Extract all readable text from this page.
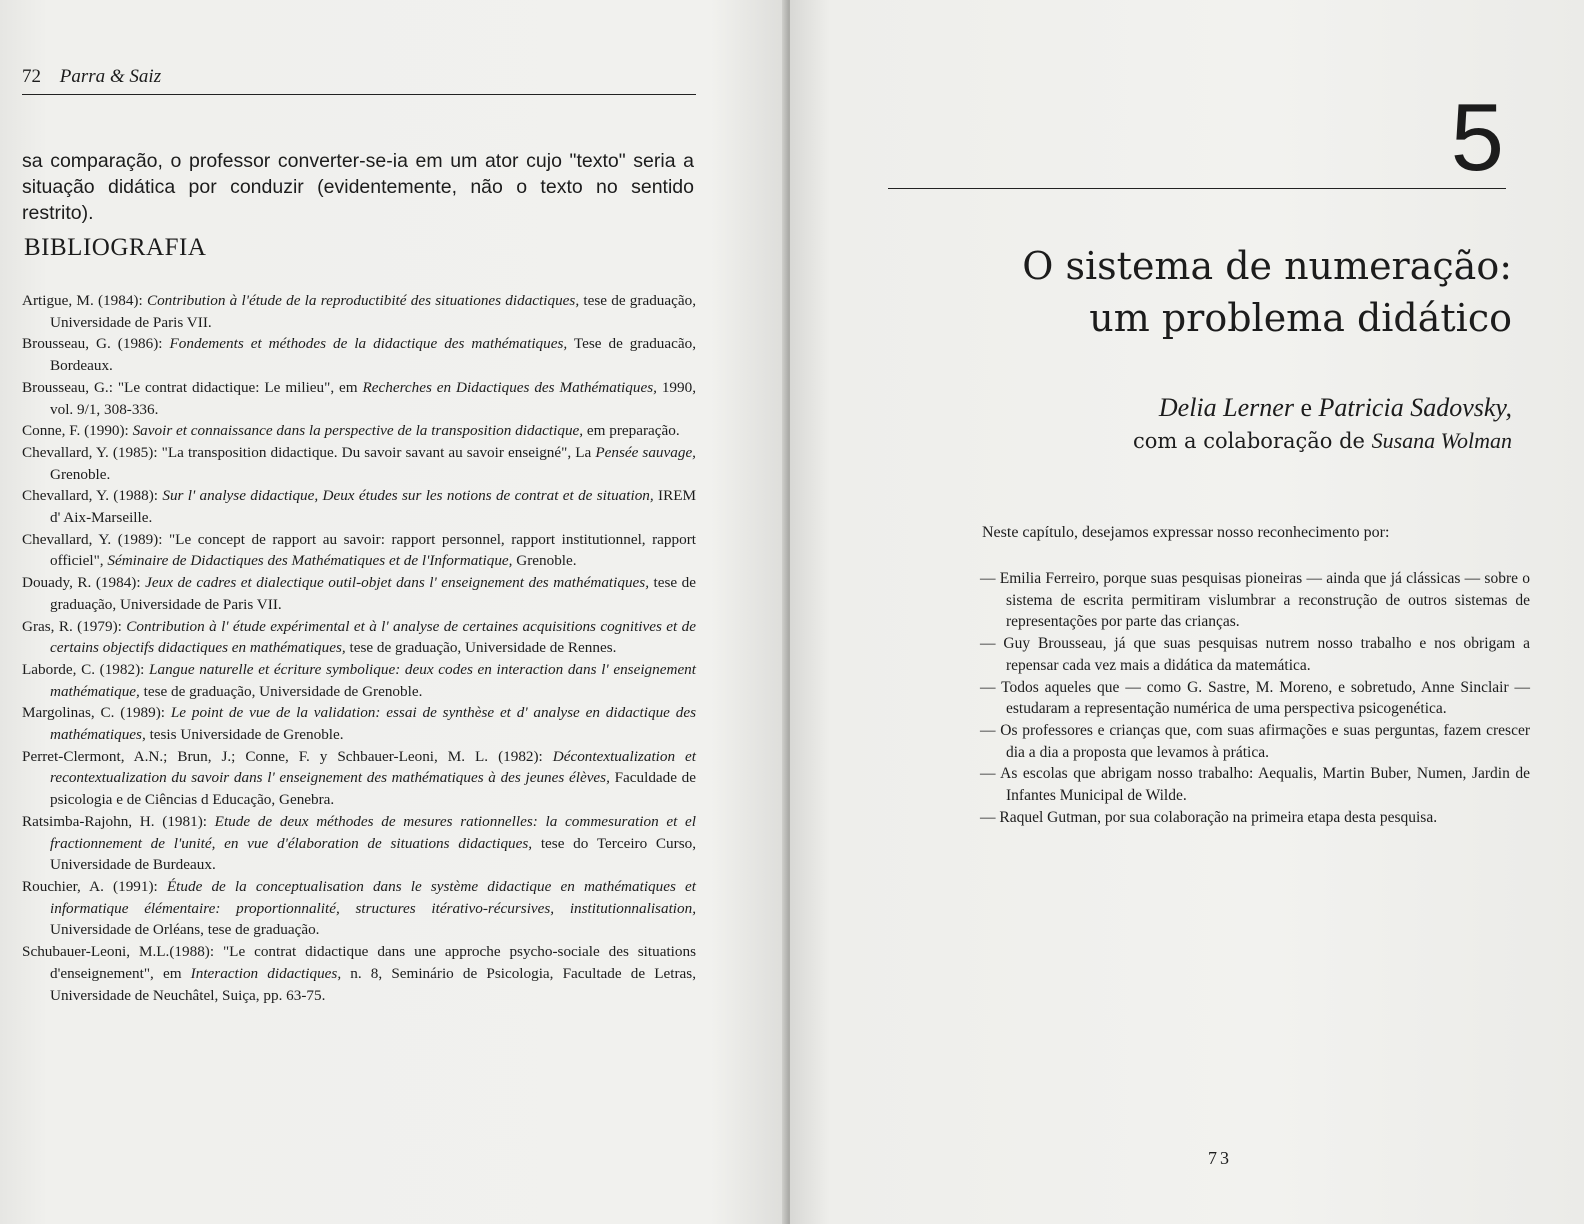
72 Parra & Saiz

sa comparação, o professor converter-se-ia em um ator cujo "texto" seria a situação didática por conduzir (evidentemente, não o texto no sentido restrito).

BIBLIOGRAFIA

Artigue, M. (1984): Contribution à l'étude de la reproductibité des situationes didactiques, tese de graduação, Universidade de Paris VII.

Brousseau, G. (1986): Fondements et méthodes de la didactique des mathématiques, Tese de graduacão, Bordeaux.

Brousseau, G.: "Le contrat didactique: Le milieu", em Recherches en Didactiques des Mathématiques, 1990, vol. 9/1, 308-336.

Conne, F. (1990): Savoir et connaissance dans la perspective de la transposition didactique, em preparação.

Chevallard, Y. (1985): "La transposition didactique. Du savoir savant au savoir enseigné", La Pensée sauvage, Grenoble.

Chevallard, Y. (1988): Sur l' analyse didactique, Deux études sur les notions de contrat et de situation, IREM d' Aix-Marseille.

Chevallard, Y. (1989): "Le concept de rapport au savoir: rapport personnel, rapport institutionnel, rapport officiel", Séminaire de Didactiques des Mathématiques et de l'Informatique, Grenoble.

Douady, R. (1984): Jeux de cadres et dialectique outil-objet dans l' enseignement des mathématiques, tese de graduação, Universidade de Paris VII.

Gras, R. (1979): Contribution à l' étude expérimental et à l' analyse de certaines acquisitions cognitives et de certains objectifs didactiques en mathématiques, tese de graduação, Universidade de Rennes.

Laborde, C. (1982): Langue naturelle et écriture symbolique: deux codes en interaction dans l' enseignement mathématique, tese de graduação, Universidade de Grenoble.

Margolinas, C. (1989): Le point de vue de la validation: essai de synthèse et d' analyse en didactique des mathématiques, tesis Universidade de Grenoble.

Perret-Clermont, A.N.; Brun, J.; Conne, F. y Schbauer-Leoni, M. L. (1982): Décontextualization et recontextualization du savoir dans l' enseignement des mathématiques à des jeunes élèves, Faculdade de psicologia e de Ciências d Educação, Genebra.

Ratsimba-Rajohn, H. (1981): Etude de deux méthodes de mesures rationnelles: la commesuration et el fractionnement de l'unité, en vue d'élaboration de situations didactiques, tese do Terceiro Curso, Universidade de Burdeaux.

Rouchier, A. (1991): Étude de la conceptualisation dans le système didactique en mathématiques et informatique élémentaire: proportionnalité, structures itérativo-récursives, institutionnalisation, Universidade de Orléans, tese de graduação.

Schubauer-Leoni, M.L.(1988): "Le contrat didactique dans une approche psycho-sociale des situations d'enseignement", em Interaction didactiques, n. 8, Seminário de Psicologia, Facultade de Letras, Universidade de Neuchâtel, Suiça, pp. 63-75.

5
O sistema de numeração:
um problema didático
Delia Lerner e Patricia Sadovsky,
com a colaboração de Susana Wolman
Neste capítulo, desejamos expressar nosso reconhecimento por:

— Emilia Ferreiro, porque suas pesquisas pioneiras — ainda que já clássicas — sobre o sistema de escrita permitiram vislumbrar a reconstrução de outros sistemas de representações por parte das crianças.

— Guy Brousseau, já que suas pesquisas nutrem nosso trabalho e nos obrigam a repensar cada vez mais a didática da matemática.

— Todos aqueles que — como G. Sastre, M. Moreno, e sobretudo, Anne Sinclair — estudaram a representação numérica de uma perspectiva psicogenética.

— Os professores e crianças que, com suas afirmações e suas perguntas, fazem crescer dia a dia a proposta que levamos à prática.

— As escolas que abrigam nosso trabalho: Aequalis, Martin Buber, Numen, Jardin de Infantes Municipal de Wilde.

— Raquel Gutman, por sua colaboração na primeira etapa desta pesquisa.

73
